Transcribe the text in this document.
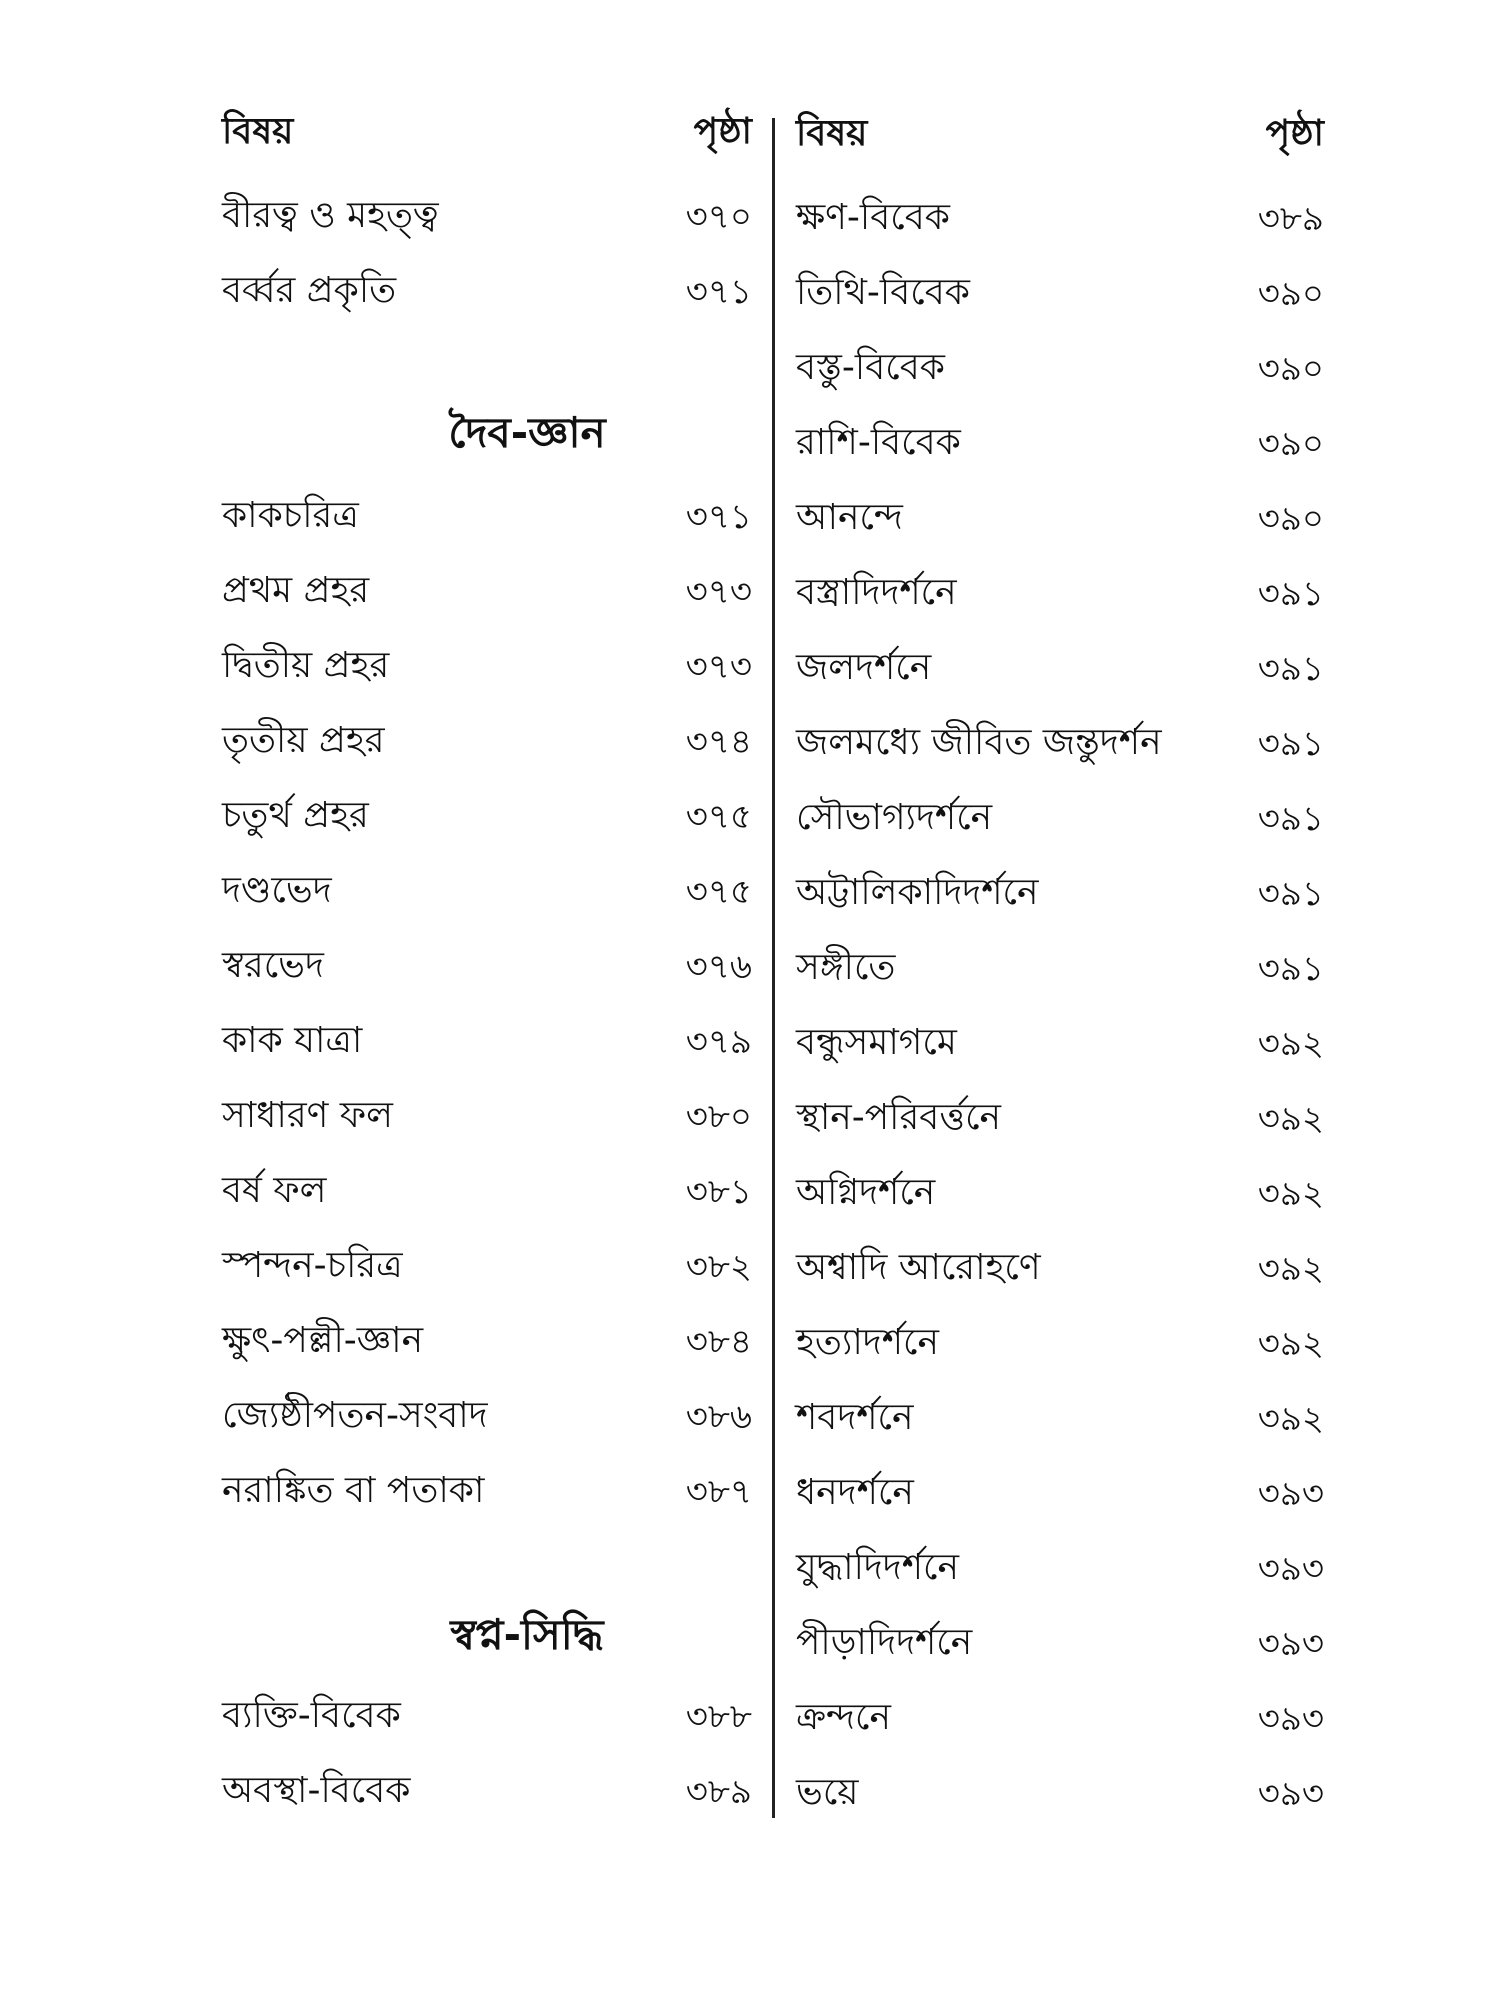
বিষয়	পৃষ্ঠা
বীরত্ব ও মহত্ত্ব	৩৭০
বর্ব্বর প্রকৃতি	৩৭১
দৈব-জ্ঞান
কাকচরিত্র	৩৭১
প্রথম প্রহর	৩৭৩
দ্বিতীয় প্রহর	৩৭৩
তৃতীয় প্রহর	৩৭৪
চতুর্থ প্রহর	৩৭৫
দণ্ডভেদ	৩৭৫
স্বরভেদ	৩৭৬
কাক যাত্রা	৩৭৯
সাধারণ ফল	৩৮০
বর্ষ ফল	৩৮১
স্পন্দন-চরিত্র	৩৮২
ক্ষুৎ-পল্লী-জ্ঞান	৩৮৪
জ্যেষ্ঠীপতন-সংবাদ	৩৮৬
নরাঙ্কিত বা পতাকা	৩৮৭
স্বপ্ন-সিদ্ধি
ব্যক্তি-বিবেক	৩৮৮
অবস্থা-বিবেক	৩৮৯
বিষয়	পৃষ্ঠা
ক্ষণ-বিবেক	৩৮৯
তিথি-বিবেক	৩৯০
বস্তু-বিবেক	৩৯০
রাশি-বিবেক	৩৯০
আনন্দে	৩৯০
বস্ত্রাদিদর্শনে	৩৯১
জলদর্শনে	৩৯১
জলমধ্যে জীবিত জন্তুদর্শন	৩৯১
সৌভাগ্যদর্শনে	৩৯১
অট্টালিকাদিদর্শনে	৩৯১
সঙ্গীতে	৩৯১
বন্ধুসমাগমে	৩৯২
স্থান-পরিবর্ত্তনে	৩৯২
অগ্নিদর্শনে	৩৯২
অশ্বাদি আরোহণে	৩৯২
হত্যাদর্শনে	৩৯২
শবদর্শনে	৩৯২
ধনদর্শনে	৩৯৩
যুদ্ধাদিদর্শনে	৩৯৩
পীড়াদিদর্শনে	৩৯৩
ক্রন্দনে	৩৯৩
ভয়ে	৩৯৩
